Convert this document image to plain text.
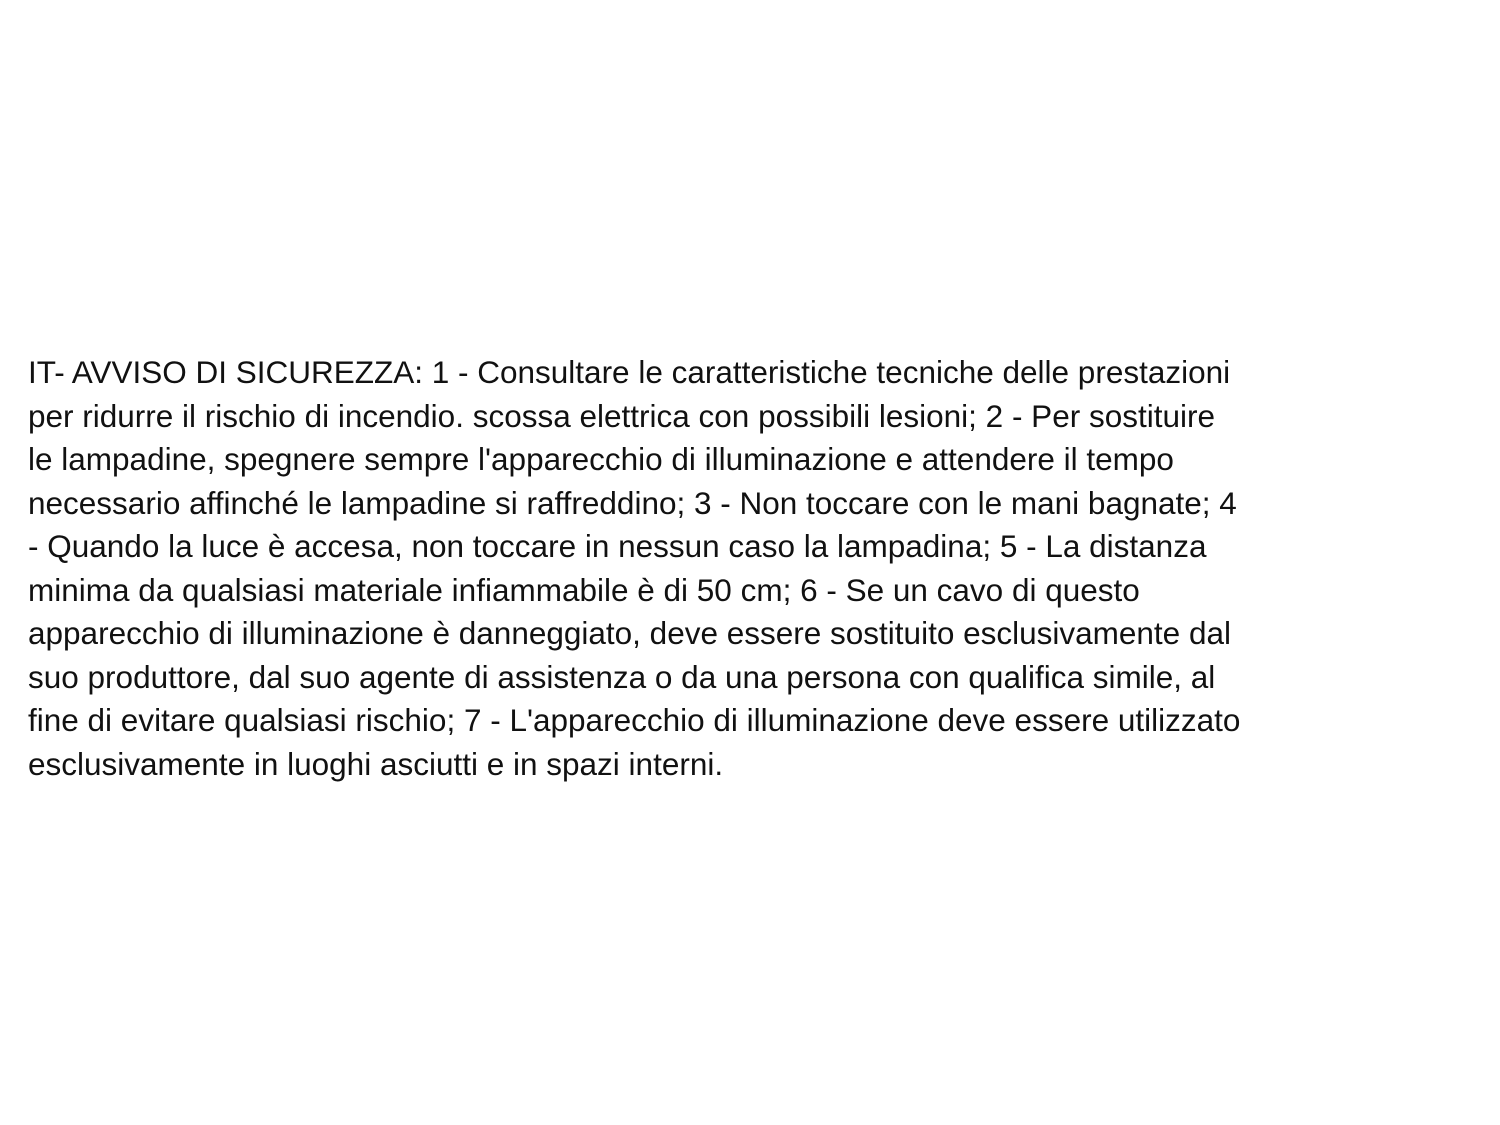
IT- AVVISO DI SICUREZZA: 1 - Consultare le caratteristiche tecniche delle prestazioni
per ridurre il rischio di incendio. scossa elettrica con possibili lesioni; 2 - Per sostituire
le lampadine, spegnere sempre l'apparecchio di illuminazione e attendere il tempo
necessario affinché le lampadine si raffreddino; 3 - Non toccare con le mani bagnate; 4
- Quando la luce è accesa, non toccare in nessun caso la lampadina; 5 - La distanza
minima da qualsiasi materiale infiammabile è di 50 cm; 6 - Se un cavo di questo
apparecchio di illuminazione è danneggiato, deve essere sostituito esclusivamente dal
suo produttore, dal suo agente di assistenza o da una persona con qualifica simile, al
fine di evitare qualsiasi rischio; 7 - L'apparecchio di illuminazione deve essere utilizzato
esclusivamente in luoghi asciutti e in spazi interni.
